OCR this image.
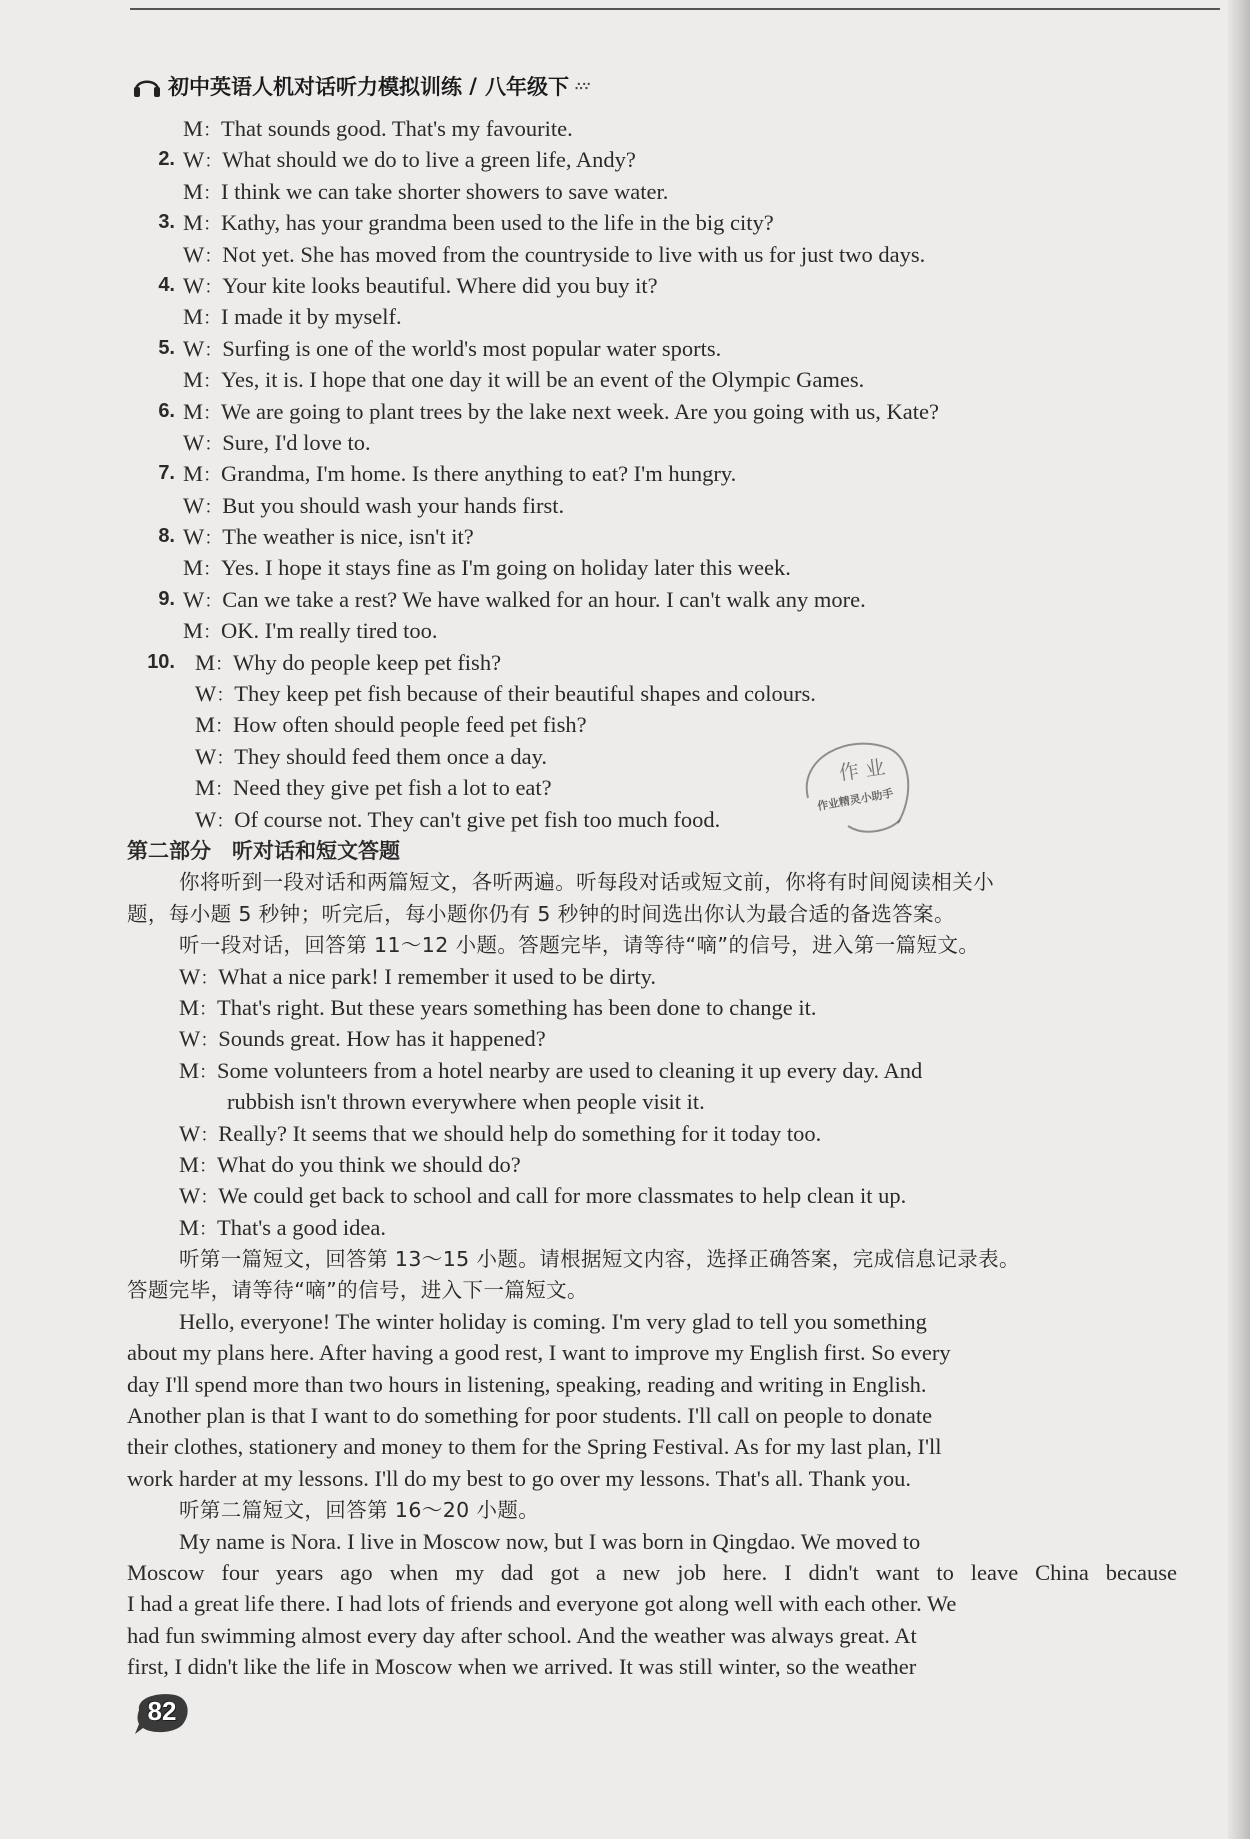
初中英语人机对话听力模拟训练 / 八年级下 ∴∵
M：That sounds good. That's my favourite.
2. W：What should we do to live a green life, Andy?
M：I think we can take shorter showers to save water.
3. M：Kathy, has your grandma been used to the life in the big city?
W：Not yet. She has moved from the countryside to live with us for just two days.
4. W：Your kite looks beautiful. Where did you buy it?
M：I made it by myself.
5. W：Surfing is one of the world's most popular water sports.
M：Yes, it is. I hope that one day it will be an event of the Olympic Games.
6. M：We are going to plant trees by the lake next week. Are you going with us, Kate?
W：Sure, I'd love to.
7. M：Grandma, I'm home. Is there anything to eat? I'm hungry.
W：But you should wash your hands first.
8. W：The weather is nice, isn't it?
M：Yes. I hope it stays fine as I'm going on holiday later this week.
9. W：Can we take a rest? We have walked for an hour. I can't walk any more.
M：OK. I'm really tired too.
10. M：Why do people keep pet fish?
W：They keep pet fish because of their beautiful shapes and colours.
M：How often should people feed pet fish?
W：They should feed them once a day.
M：Need they give pet fish a lot to eat?
W：Of course not. They can't give pet fish too much food.
第二部分　听对话和短文答题
你将听到一段对话和两篇短文，各听两遍。听每段对话或短文前，你将有时间阅读相关小
题，每小题 5 秒钟；听完后，每小题你仍有 5 秒钟的时间选出你认为最合适的备选答案。
听一段对话，回答第 11～12 小题。答题完毕，请等待“嘀”的信号，进入第一篇短文。
W：What a nice park! I remember it used to be dirty.
M：That's right. But these years something has been done to change it.
W：Sounds great. How has it happened?
M：Some volunteers from a hotel nearby are used to cleaning it up every day. And
rubbish isn't thrown everywhere when people visit it.
W：Really? It seems that we should help do something for it today too.
M：What do you think we should do?
W：We could get back to school and call for more classmates to help clean it up.
M：That's a good idea.
听第一篇短文，回答第 13～15 小题。请根据短文内容，选择正确答案，完成信息记录表。
答题完毕，请等待“嘀”的信号，进入下一篇短文。
Hello, everyone! The winter holiday is coming. I'm very glad to tell you something
about my plans here. After having a good rest, I want to improve my English first. So every
day I'll spend more than two hours in listening, speaking, reading and writing in English.
Another plan is that I want to do something for poor students. I'll call on people to donate
their clothes, stationery and money to them for the Spring Festival. As for my last plan, I'll
work harder at my lessons. I'll do my best to go over my lessons. That's all. Thank you.
听第二篇短文，回答第 16～20 小题。
My name is Nora. I live in Moscow now, but I was born in Qingdao. We moved to
Moscow four years ago when my dad got a new job here. I didn't want to leave China because
I had a great life there. I had lots of friends and everyone got along well with each other. We
had fun swimming almost every day after school. And the weather was always great. At
first, I didn't like the life in Moscow when we arrived. It was still winter, so the weather
作 业
作业精灵小助手
82
